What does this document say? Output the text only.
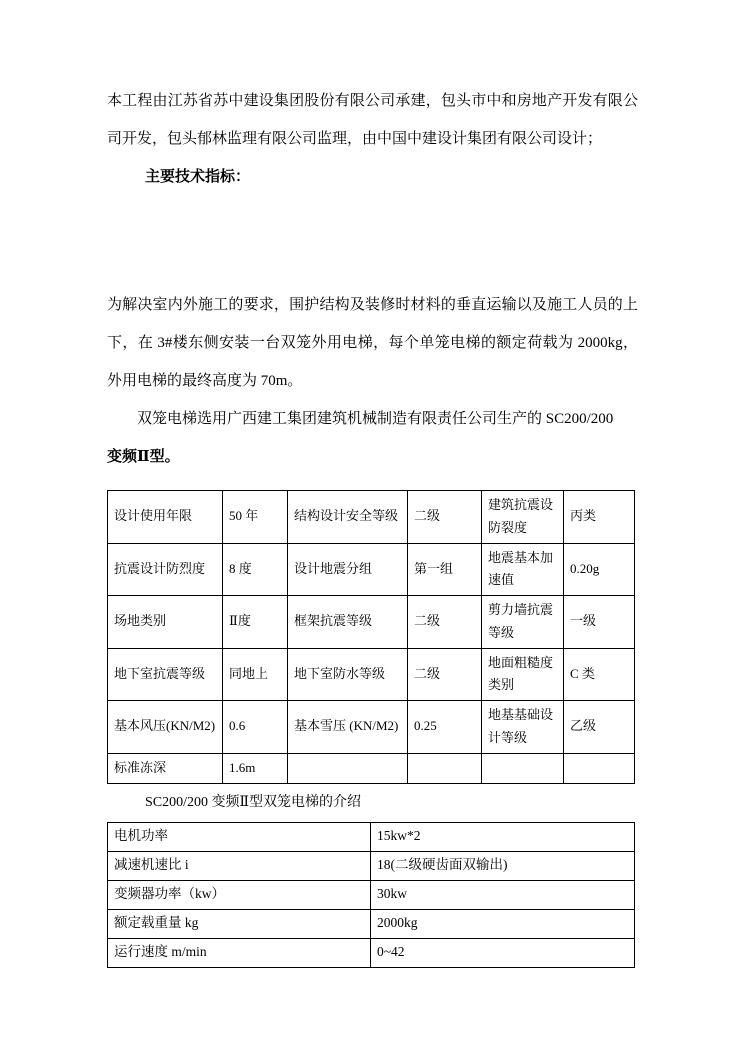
本工程由江苏省苏中建设集团股份有限公司承建，包头市中和房地产开发有限公司开发，包头郁林监理有限公司监理，由中国中建设计集团有限公司设计；

主要技术指标：

为解决室内外施工的要求，围护结构及装修时材料的垂直运输以及施工人员的上下，在 3#楼东侧安装一台双笼外用电梯，每个单笼电梯的额定荷载为 2000kg，外用电梯的最终高度为 70m。

双笼电梯选用广西建工集团建筑机械制造有限责任公司生产的 SC200/200
变频Ⅱ型。

设计使用年限	50 年	结构设计安全等级	二级	建筑抗震设防裂度	丙类
抗震设计防烈度	8 度	设计地震分组	第一组	地震基本加速值	0.20g
场地类别	Ⅱ度	框架抗震等级	二级	剪力墙抗震等级	一级
地下室抗震等级	同地上	地下室防水等级	二级	地面粗糙度类别	C 类
基本风压(KN/M2)	0.6	基本雪压 (KN/M2)	0.25	地基基础设计等级	乙级
标准冻深	1.6m				

SC200/200 变频Ⅱ型双笼电梯的介绍

电机功率	15kw*2
减速机速比 i	18(二级硬齿面双输出)
变频器功率（kw）	30kw
额定载重量 kg	2000kg
运行速度 m/min	0~42
